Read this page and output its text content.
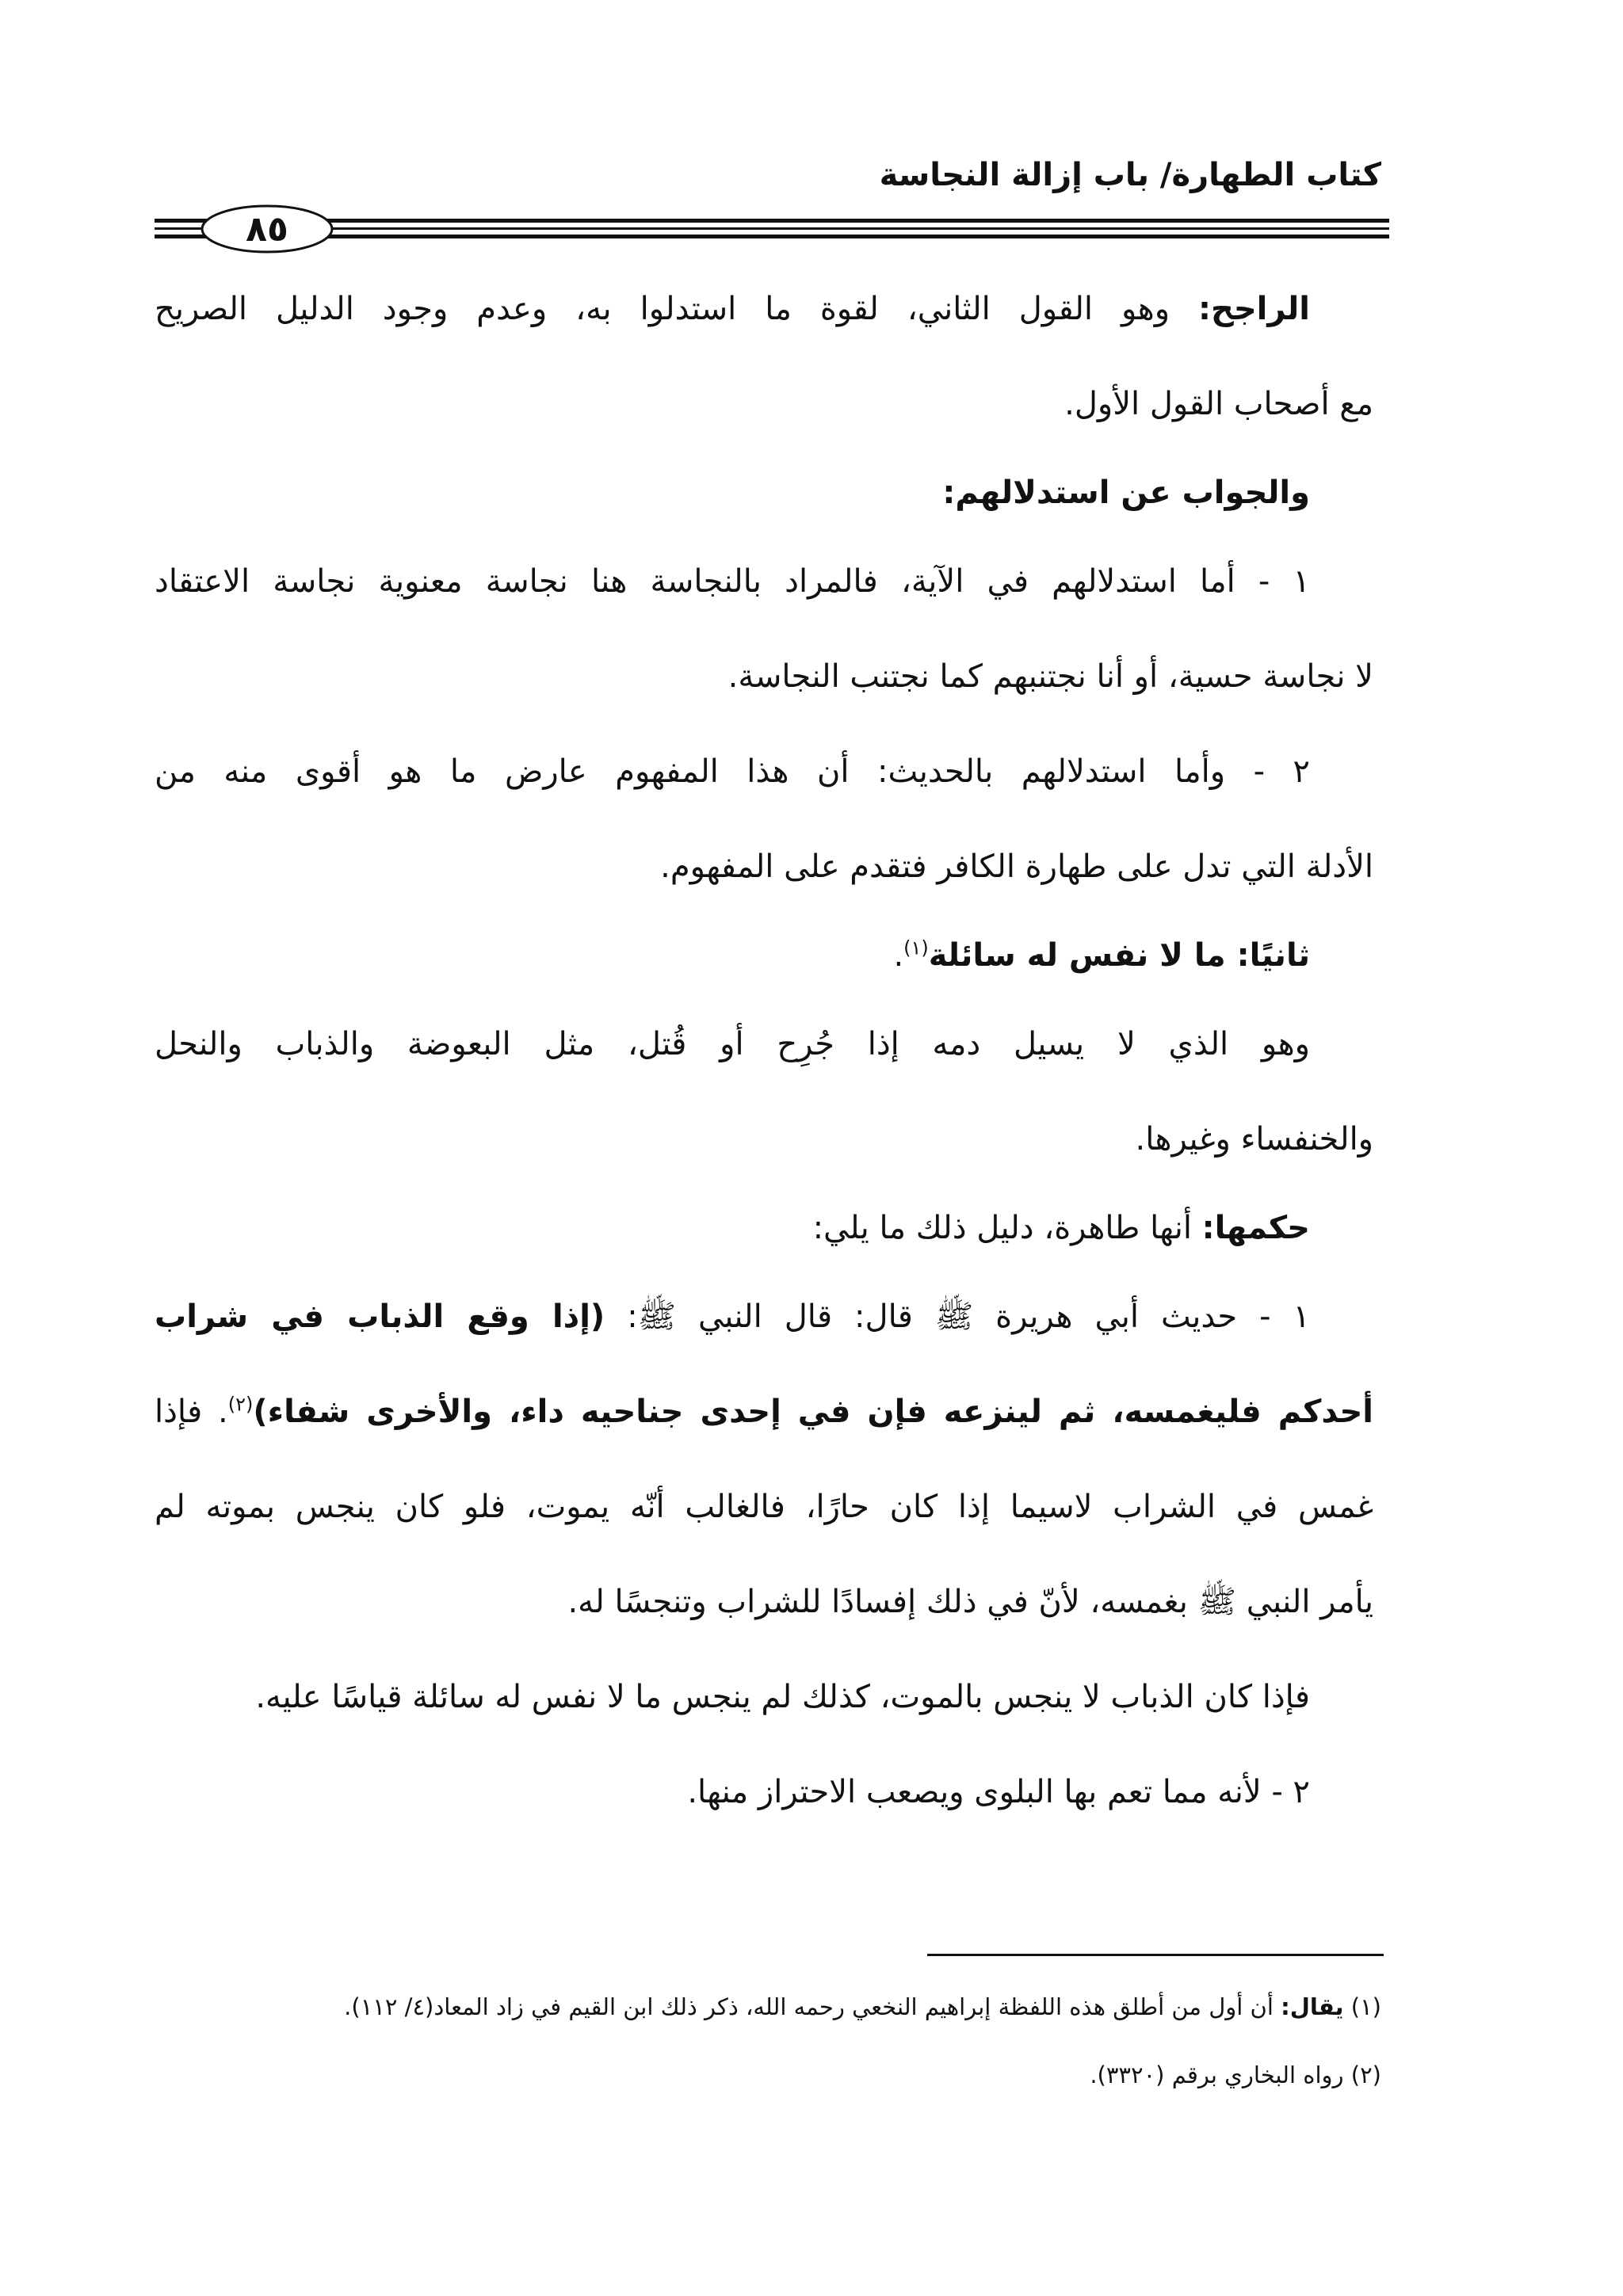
كتاب الطهارة/ باب إزالة النجاسة
٨٥
الراجح: وهو القول الثاني، لقوة ما استدلوا به، وعدم وجود الدليل الصريح
مع أصحاب القول الأول.
والجواب عن استدلالهم:
١ - أما استدلالهم في الآية، فالمراد بالنجاسة هنا نجاسة معنوية نجاسة الاعتقاد
لا نجاسة حسية، أو أنا نجتنبهم كما نجتنب النجاسة.
٢ - وأما استدلالهم بالحديث: أن هذا المفهوم عارض ما هو أقوى منه من
الأدلة التي تدل على طهارة الكافر فتقدم على المفهوم.
ثانيًا: ما لا نفس له سائلة$^{(١)}$.
وهو الذي لا يسيل دمه إذا جُرِح أو قُتل، مثل البعوضة والذباب والنحل
والخنفساء وغيرها.
حكمها: أنها طاهرة، دليل ذلك ما يلي:
١ - حديث أبي هريرة ﷺ قال: قال النبي ﷺ: (إذا وقع الذباب في شراب
أحدكم فليغمسه، ثم لينزعه فإن في إحدى جناحيه داء، والأخرى شفاء)$^{(٢)}$. فإذا
غمس في الشراب لاسيما إذا كان حارًا، فالغالب أنّه يموت، فلو كان ينجس بموته لم
يأمر النبي ﷺ بغمسه، لأنّ في ذلك إفسادًا للشراب وتنجسًا له.
فإذا كان الذباب لا ينجس بالموت، كذلك لم ينجس ما لا نفس له سائلة قياسًا عليه.
٢ - لأنه مما تعم بها البلوى ويصعب الاحتراز منها.
(١) يقال: أن أول من أطلق هذه اللفظة إبراهيم النخعي رحمه الله، ذكر ذلك ابن القيم في زاد المعاد(٤/ ١١٢).
(٢) رواه البخاري برقم (٣٣٢٠).
